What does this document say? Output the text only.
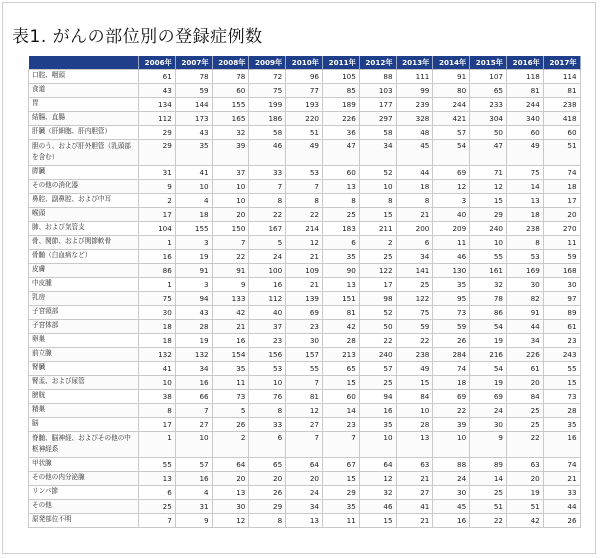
表1. がんの部位別の登録症例数
	2006年	2007年	2008年	2009年	2010年	2011年	2012年	2013年	2014年	2015年	2016年	2017年
口腔、咽頭	61	78	78	72	96	105	88	111	91	107	118	114
食道	43	59	60	75	77	85	103	99	80	65	81	81
胃	134	144	155	199	193	189	177	239	244	233	244	238
結腸、直腸	112	173	165	186	220	226	297	328	421	304	340	418
肝臓（肝細胞、肝内胆管）	29	43	32	58	51	36	58	48	57	50	60	60
胆のう、および肝外胆管（乳頭部を含む）	29	35	39	46	49	47	34	45	54	47	49	51
膵臓	31	41	37	33	53	60	52	44	69	71	75	74
その他の消化器	9	10	10	7	7	13	10	18	12	12	14	18
鼻腔、副鼻腔、および中耳	2	4	10	8	8	8	8	8	3	15	13	17
喉頭	17	18	20	22	22	25	15	21	40	29	18	20
肺、および気管支	104	155	150	167	214	183	211	200	209	240	238	270
骨、関節、および関節軟骨	1	3	7	5	12	6	2	6	11	10	8	11
骨髄（白血病など）	16	19	22	24	21	35	25	34	46	55	53	59
皮膚	86	91	91	100	109	90	122	141	130	161	169	168
中皮腫	1	3	9	16	21	13	17	25	35	32	30	30
乳房	75	94	133	112	139	151	98	122	95	78	82	97
子宮頸部	30	43	42	40	69	81	52	75	73	86	91	89
子宮体部	18	28	21	37	23	42	50	59	59	54	44	61
卵巣	18	19	16	23	30	28	22	22	26	19	34	23
前立腺	132	132	154	156	157	213	240	238	284	216	226	243
腎臓	41	34	35	53	55	65	57	49	74	54	61	55
腎盂、および尿管	10	16	11	10	7	15	25	15	18	19	20	15
膀胱	38	66	73	76	81	60	94	84	69	69	84	73
精巣	8	7	5	8	12	14	16	10	22	24	25	28
脳	17	27	26	33	27	23	35	28	39	30	25	35
脊髄、脳神経、およびその他の中枢神経系	1	10	2	6	7	7	10	13	10	9	22	16
甲状腺	55	57	64	65	64	67	64	63	88	89	63	74
その他の内分泌腺	13	16	20	20	20	15	12	21	24	14	20	21
リンパ節	6	4	13	26	24	29	32	27	30	25	19	33
その他	25	31	30	29	34	35	46	41	45	51	51	44
原発部位不明	7	9	12	8	13	11	15	21	16	22	42	26
